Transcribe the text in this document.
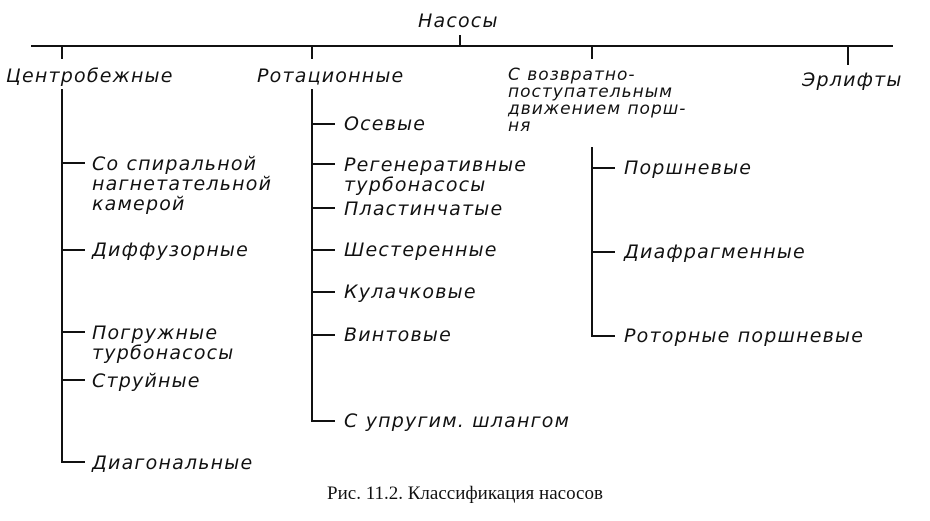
Насосы
Центробежные	Ротационные	С возвратно-
поступательным
движением порш-
ня
Эрлифты
Со спиральной
нагнетательной
камерой
Диффузорные
Погружные
турбонасосы
Струйные
Диагональные
Осевые
Регенеративные
турбонасосы
Пластинчатые
Шестеренные
Кулачковые
Винтовые
С упругим. шлангом
Поршневые
Диафрагменные
Роторные поршневые
Рис. 11.2. Классификация насосов
